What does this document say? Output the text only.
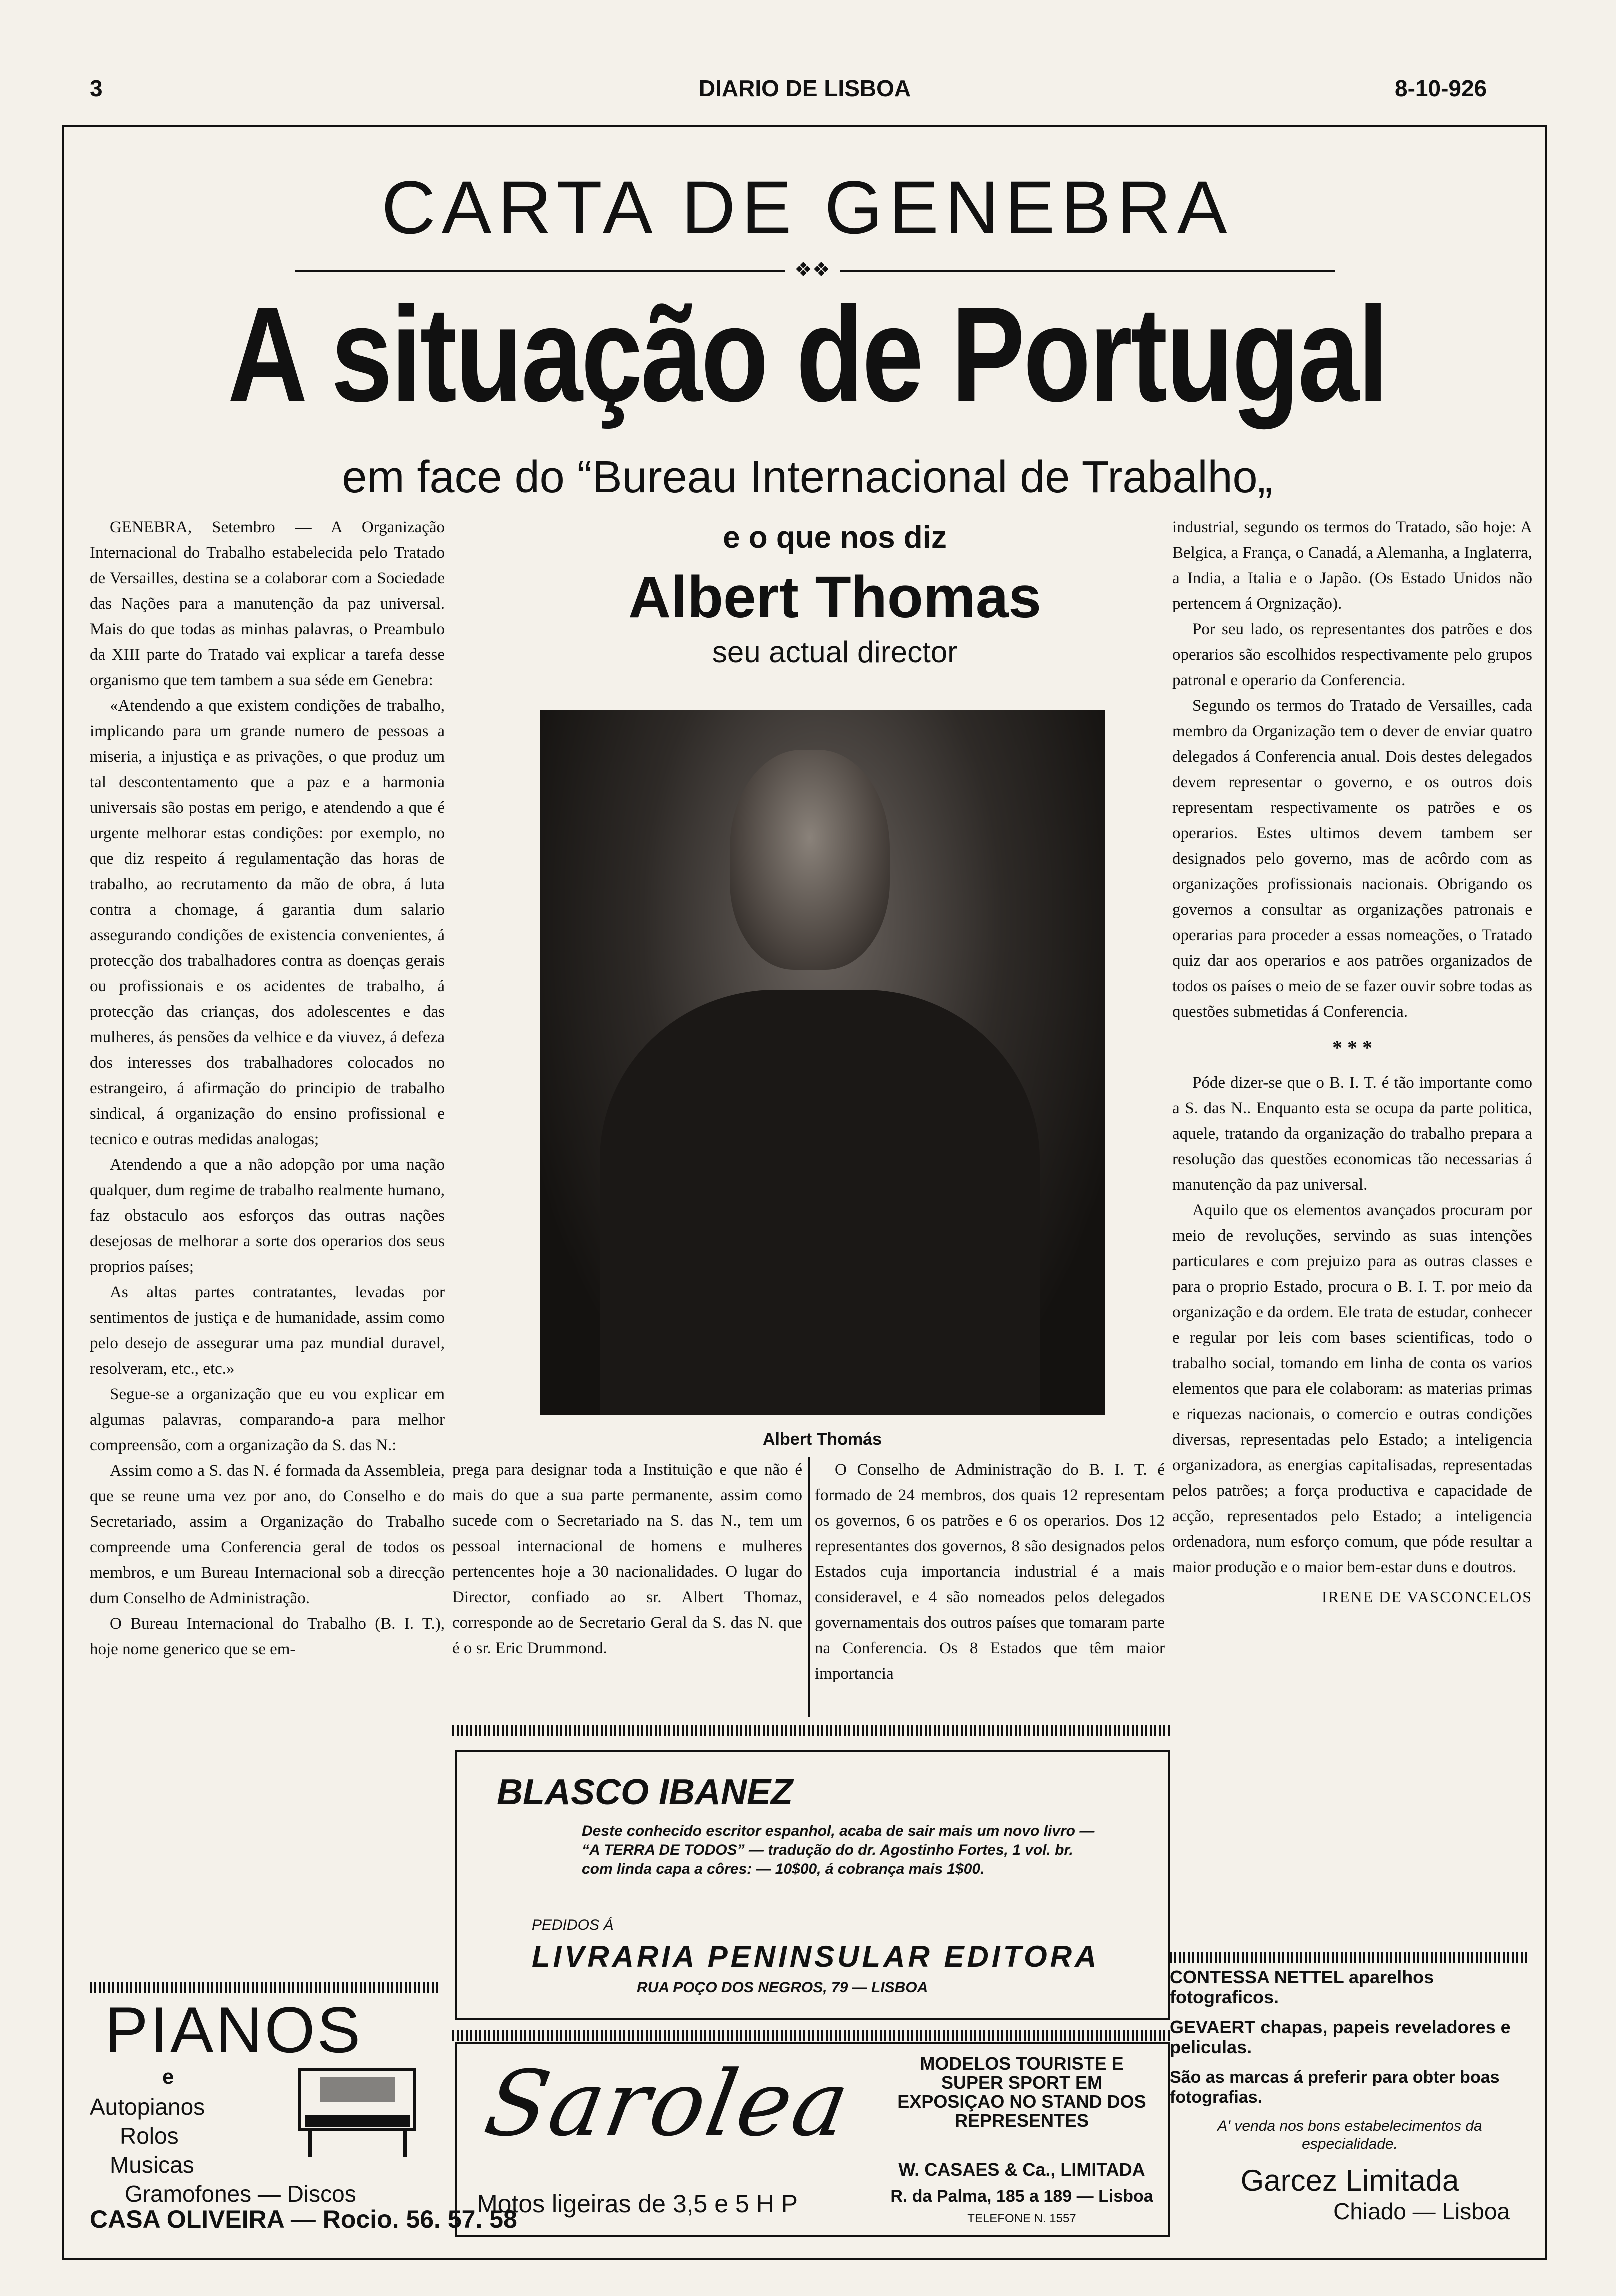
3	DIARIO DE LISBOA	8-10-926
CARTA DE GENEBRA
❖❖
A situação de Portugal
em face do “Bureau Internacional de Trabalho„
e o que nos diz
Albert Thomas
seu actual director
Albert Thomás

GENEBRA, Setembro — A Organização Internacional do Trabalho estabelecida pelo Tratado de Versailles, destina se a colaborar com a Sociedade das Nações para a manutenção da paz universal. Mais do que todas as minhas palavras, o Preambulo da XIII parte do Tratado vai explicar a tarefa desse organismo que tem tambem a sua séde em Genebra:

«Atendendo a que existem condições de trabalho, implicando para um grande numero de pessoas a miseria, a injustiça e as privações, o que produz um tal descontentamento que a paz e a harmonia universais são postas em perigo, e atendendo a que é urgente melhorar estas condições: por exemplo, no que diz respeito á regulamentação das horas de trabalho, ao recrutamento da mão de obra, á luta contra a chomage, á garantia dum salario assegurando condições de existencia convenientes, á protecção dos trabalhadores contra as doenças gerais ou profissionais e os acidentes de trabalho, á protecção das crianças, dos adolescentes e das mulheres, ás pensões da velhice e da viuvez, á defeza dos interesses dos trabalhadores colocados no estrangeiro, á afirmação do principio de trabalho sindical, á organização do ensino profissional e tecnico e outras medidas analogas;

Atendendo a que a não adopção por uma nação qualquer, dum regime de trabalho realmente humano, faz obstaculo aos esforços das outras nações desejosas de melhorar a sorte dos operarios dos seus proprios países;

As altas partes contratantes, levadas por sentimentos de justiça e de humanidade, assim como pelo desejo de assegurar uma paz mundial duravel, resolveram, etc., etc.»

Segue-se a organização que eu vou explicar em algumas palavras, comparando-a para melhor compreensão, com a organização da S. das N.:

Assim como a S. das N. é formada da Assembleia, que se reune uma vez por ano, do Conselho e do Secretariado, assim a Organização do Trabalho compreende uma Conferencia geral de todos os membros, e um Bureau Internacional sob a direcção dum Conselho de Administração.

O Bureau Internacional do Trabalho (B. I. T.), hoje nome generico que se em-

prega para designar toda a Instituição e que não é mais do que a sua parte permanente, assim como sucede com o Secretariado na S. das N., tem um pessoal internacional de homens e mulheres pertencentes hoje a 30 nacionalidades. O lugar do Director, confiado ao sr. Albert Thomaz, corresponde ao de Secretario Geral da S. das N. que é o sr. Eric Drummond.

O Conselho de Administração do B. I. T. é formado de 24 membros, dos quais 12 representam os governos, 6 os patrões e 6 os operarios. Dos 12 representantes dos governos, 8 são designados pelos Estados cuja importancia industrial é a mais consideravel, e 4 são nomeados pelos delegados governamentais dos outros países que tomaram parte na Conferencia. Os 8 Estados que têm maior importancia

industrial, segundo os termos do Tratado, são hoje: A Belgica, a França, o Canadá, a Alemanha, a Inglaterra, a India, a Italia e o Japão. (Os Estado Unidos não pertencem á Orgnização).

Por seu lado, os representantes dos patrões e dos operarios são escolhidos respectivamente pelo grupos patronal e operario da Conferencia.

Segundo os termos do Tratado de Versailles, cada membro da Organização tem o dever de enviar quatro delegados á Conferencia anual. Dois destes delegados devem representar o governo, e os outros dois representam respectivamente os patrões e os operarios. Estes ultimos devem tambem ser designados pelo governo, mas de acôrdo com as organizações profissionais nacionais. Obrigando os governos a consultar as organizações patronais e operarias para proceder a essas nomeações, o Tratado quiz dar aos operarios e aos patrões organizados de todos os países o meio de se fazer ouvir sobre todas as questões submetidas á Conferencia.

* * *

Póde dizer-se que o B. I. T. é tão importante como a S. das N.. Enquanto esta se ocupa da parte politica, aquele, tratando da organização do trabalho prepara a resolução das questões economicas tão necessarias á manutenção da paz universal.

Aquilo que os elementos avançados procuram por meio de revoluções, servindo as suas intenções particulares e com prejuizo para as outras classes e para o proprio Estado, procura o B. I. T. por meio da organização e da ordem. Ele trata de estudar, conhecer e regular por leis com bases scientificas, todo o trabalho social, tomando em linha de conta os varios elementos que para ele colaboram: as materias primas e riquezas nacionais, o comercio e outras condições diversas, representadas pelo Estado; a inteligencia organizadora, as energias capitalisadas, representadas pelos patrões; a força productiva e capacidade de acção, representados pelo Estado; a inteligencia ordenadora, num esforço comum, que póde resultar a maior produção e o maior bem-estar duns e doutros.

IRENE DE VASCONCELOS
PIANOS
e
Autopianos
Rolos
Musicas
Gramofones — Discos
CASA OLIVEIRA — Rocio. 56. 57. 58
BLASCO IBANEZ
Deste conhecido escritor espanhol, acaba de sair mais um novo livro — “A TERRA DE TODOS” — tradução do dr. Agostinho Fortes, 1 vol. br. com linda capa a côres: — 10$00, á cobrança mais 1$00.
PEDIDOS Á
LIVRARIA PENINSULAR EDITORA
RUA POÇO DOS NEGROS, 79 — LISBOA
Sarolea
Motos ligeiras de 3,5 e 5 H P
MODELOS TOURISTE E SUPER SPORT EM EXPOSIÇAO NO STAND DOS REPRESENTES
W. CASAES & Ca., LIMITADA
R. da Palma, 185 a 189 — Lisboa
TELEFONE N. 1557
CONTESSA NETTEL aparelhos fotograficos.
GEVAERT chapas, papeis reveladores e peliculas.
São as marcas á preferir para obter boas fotografias.
A' venda nos bons estabelecimentos da especialidade.
Garcez Limitada
Chiado — Lisboa
